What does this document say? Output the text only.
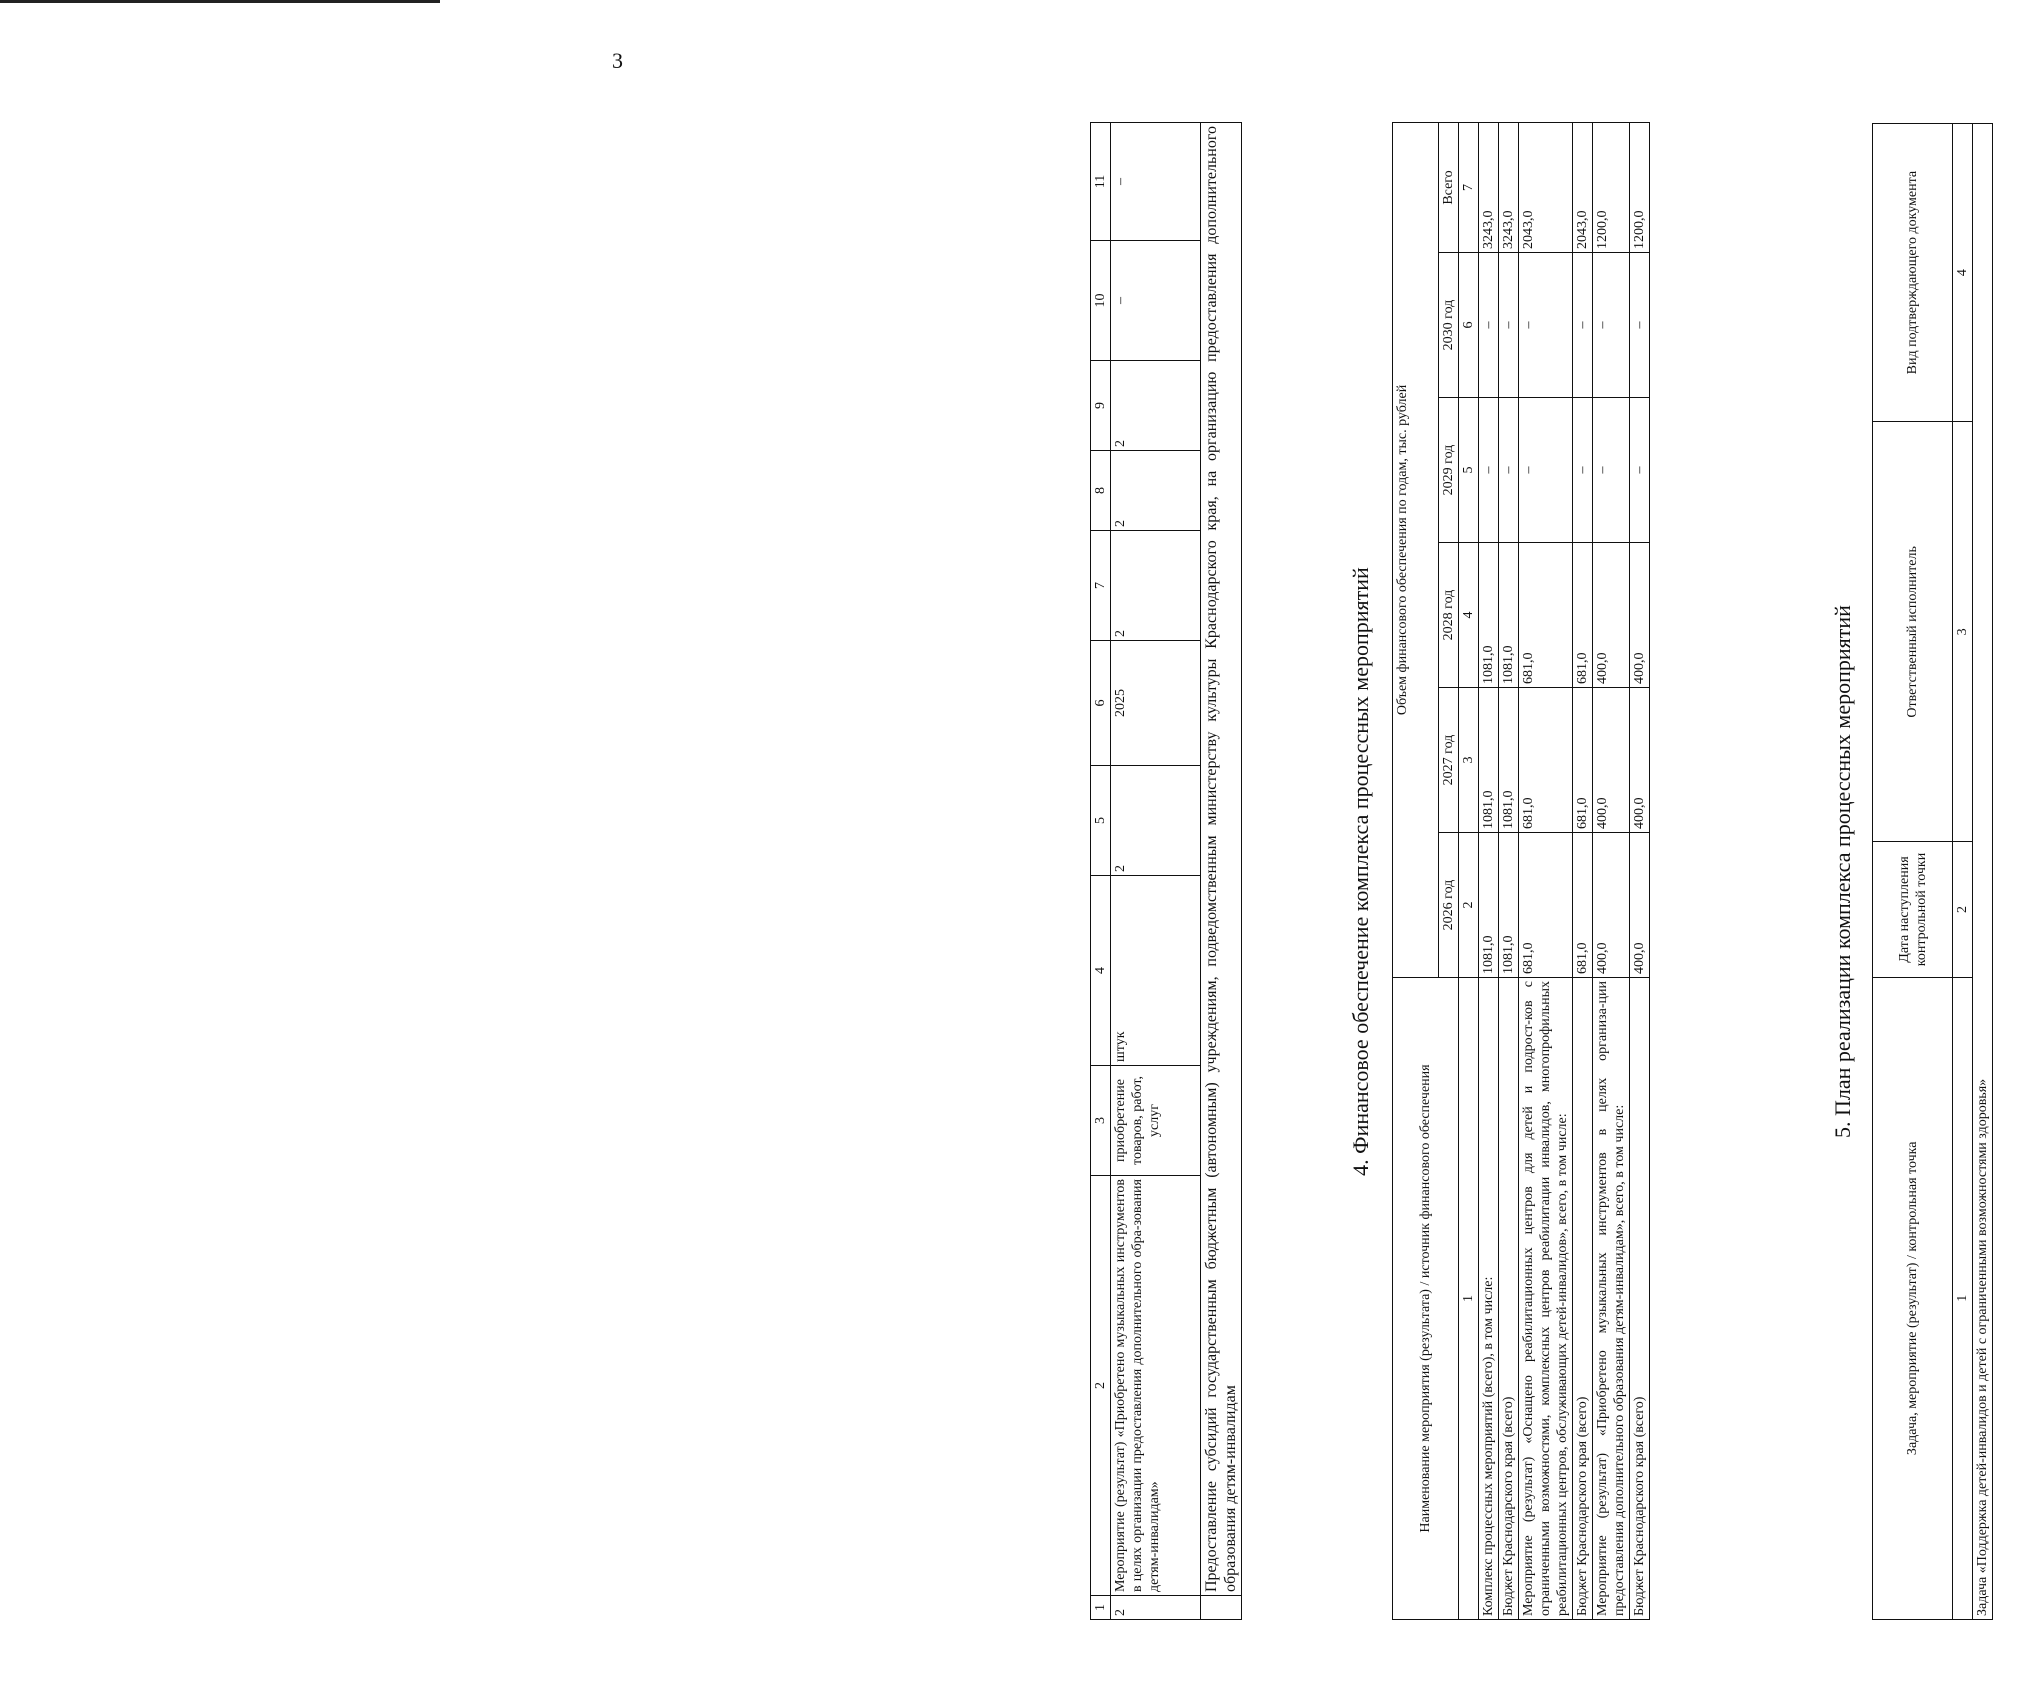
3
1	2	3	4	5	6	7	8	9	10	11
2	Мероприятие (результат) «Приобретено музыкальных инструментов в целях организации предоставления дополнительного обра-зования детям-инвалидам»	приобретение товаров, работ, услуг	штук	2	2025	2	2	2	–	–
	Предоставление субсидий государственным бюджетным (автономным) учреждениям, подведомственным министерству культуры Краснодарского края, на организацию предоставления дополнительного образования детям-инвалидам									
4. Финансовое обеспечение комплекса процессных мероприятий
Наименование мероприятия (результата) / источник финансового обеспечения	Объем финансового обеспечения по годам, тыс. рублей					
	2026 год	2027 год	2028 год	2029 год	2030 год	Всего
1	2	3	4	5	6	7
Комплекс процессных мероприятий (всего), в том числе:	1081,0	1081,0	1081,0	–	–	3243,0
Бюджет Краснодарского края (всего)	1081,0	1081,0	1081,0	–	–	3243,0
Мероприятие (результат) «Оснащено реабилитационных центров для детей и подрост-ков с ограниченными возможностями, комплексных центров реабилитации инвалидов, многопрофильных реабилитационных центров, обслуживающих детей-инвалидов», всего, в том числе:	681,0	681,0	681,0	–	–	2043,0
Бюджет Краснодарского края (всего)	681,0	681,0	681,0	–	–	2043,0
Мероприятие (результат) «Приобретено музыкальных инструментов в целях организа-ции предоставления дополнительного образования детям-инвалидам», всего, в том числе:	400,0	400,0	400,0	–	–	1200,0
Бюджет Краснодарского края (всего)	400,0	400,0	400,0	–	–	1200,0
5. План реализации комплекса процессных мероприятий
Задача, мероприятие (результат) / контрольная точка	Дата наступления контрольной точки	Ответственный исполнитель	Вид подтверждающего документа
1	2	3	4
Задача «Поддержка детей-инвалидов и детей с ограниченными возможностями здоровья»			
